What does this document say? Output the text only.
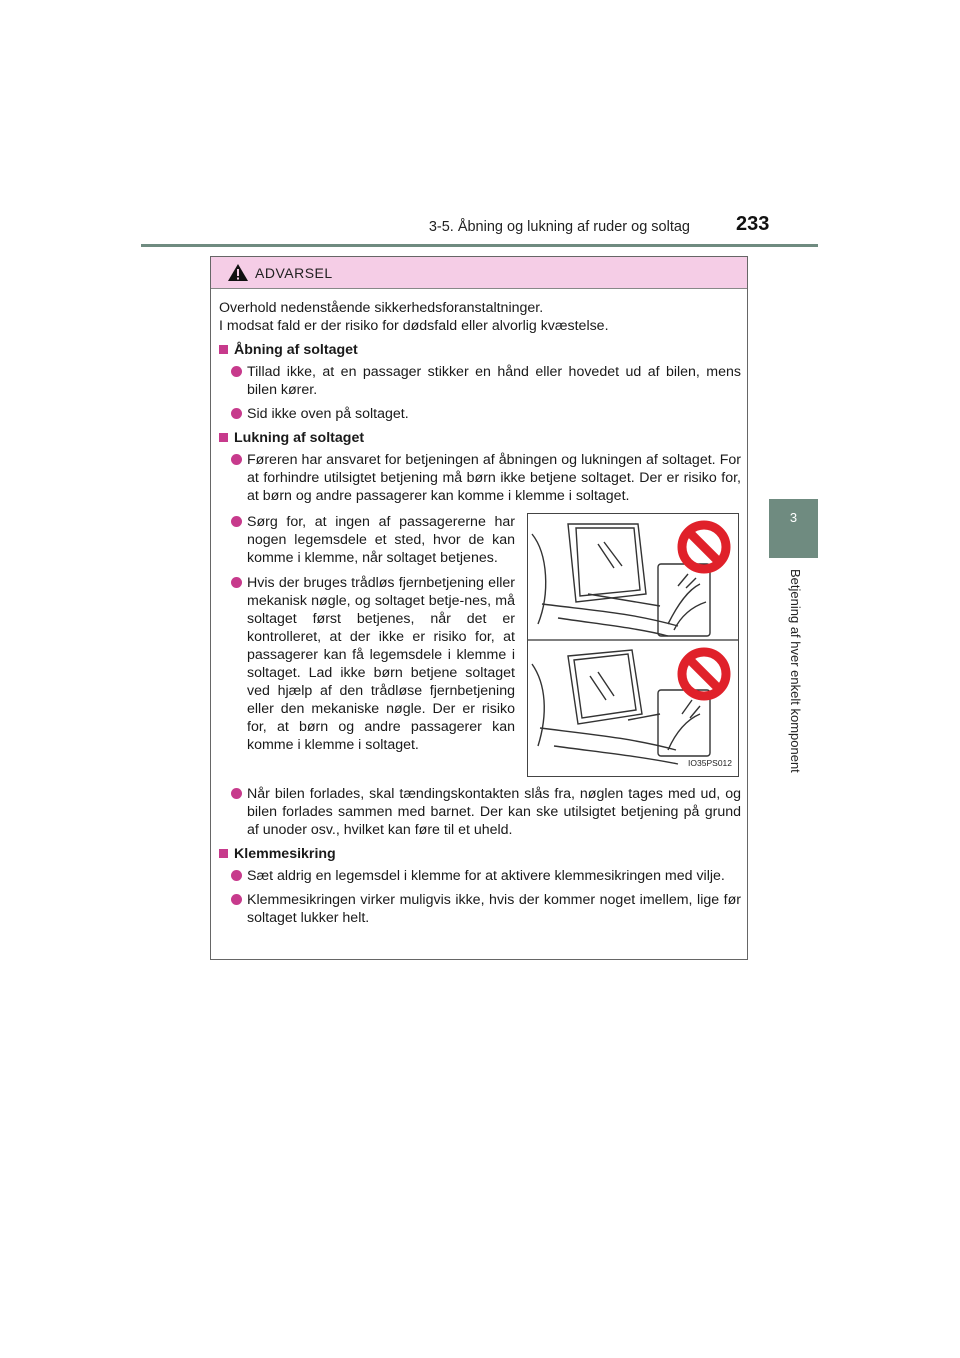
3-5. Åbning og lukning af ruder og soltag 233
3
Betjening af hver enkelt komponent
ADVARSEL

Overhold nedenstående sikkerhedsforanstaltninger.

I modsat fald er der risiko for dødsfald eller alvorlig kvæstelse.

Åbning af soltaget
Tillad ikke, at en passager stikker en hånd eller hovedet ud af bilen, mens bilen kører.
Sid ikke oven på soltaget.
Lukning af soltaget
Føreren har ansvaret for betjeningen af åbningen og lukningen af soltaget. For at forhindre utilsigtet betjening må børn ikke betjene soltaget. Der er risiko for, at børn og andre passagerer kan komme i klemme i soltaget.
Sørg for, at ingen af passagererne har nogen legemsdele et sted, hvor de kan komme i klemme, når soltaget betjenes.
Hvis der bruges trådløs fjernbetjening eller mekanisk nøgle, og soltaget betje-nes, må soltaget først betjenes, når det er kontrolleret, at der ikke er risiko for, at passagerer kan få legemsdele i klemme i soltaget. Lad ikke børn betjene soltaget ved hjælp af den trådløse fjernbetjening eller den mekaniske nøgle. Der er risiko for, at børn og andre passagerer kan komme i klemme i soltaget.
IO35PS012
Når bilen forlades, skal tændingskontakten slås fra, nøglen tages med ud, og bilen forlades sammen med barnet. Der kan ske utilsigtet betjening på grund af unoder osv., hvilket kan føre til et uheld.
Klemmesikring
Sæt aldrig en legemsdel i klemme for at aktivere klemmesikringen med vilje.
Klemmesikringen virker muligvis ikke, hvis der kommer noget imellem, lige før soltaget lukker helt.
